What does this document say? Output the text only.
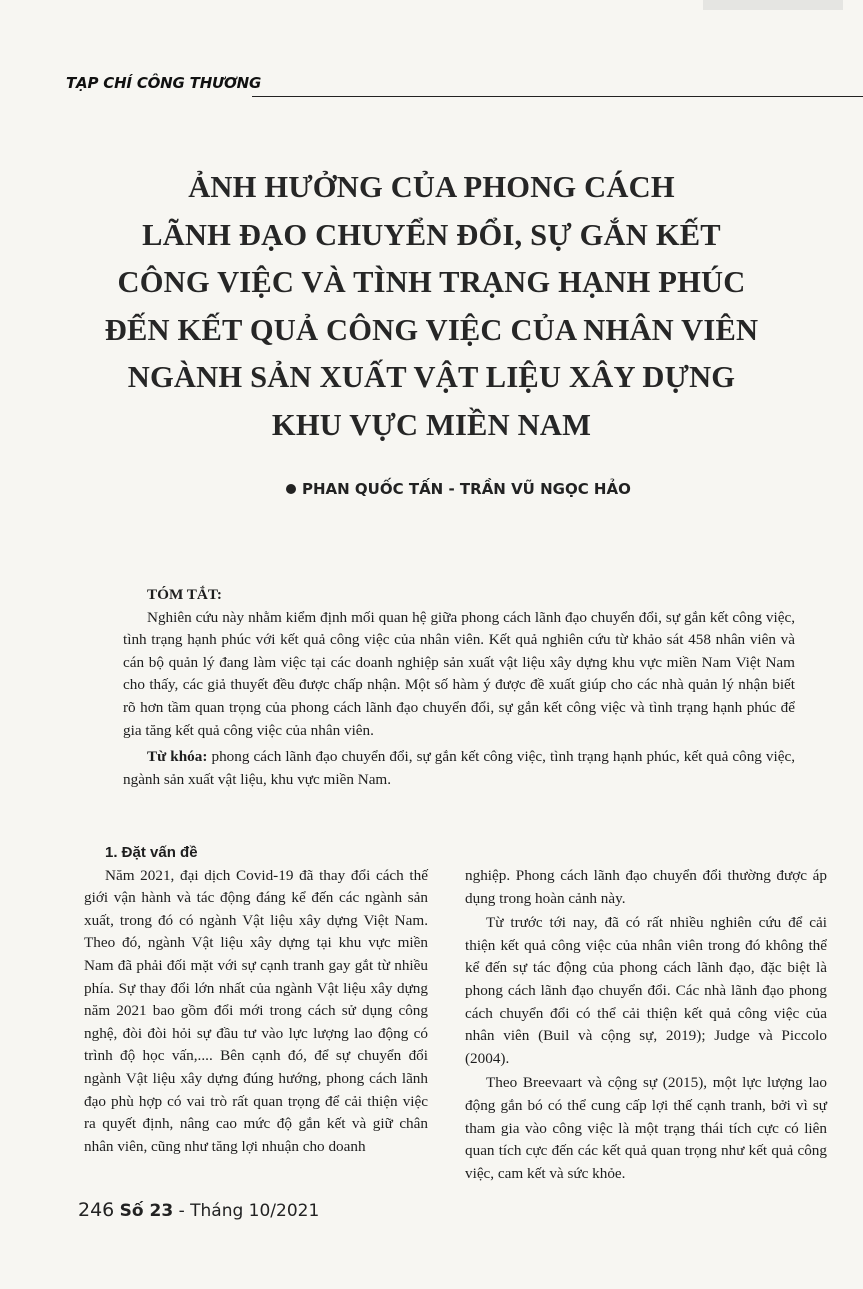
TẠP CHÍ CÔNG THƯƠNG
ẢNH HƯỞNG CỦA PHONG CÁCH
LÃNH ĐẠO CHUYỂN ĐỔI, SỰ GẮN KẾT
CÔNG VIỆC VÀ TÌNH TRẠNG HẠNH PHÚC
ĐẾN KẾT QUẢ CÔNG VIỆC CỦA NHÂN VIÊN
NGÀNH SẢN XUẤT VẬT LIỆU XÂY DỰNG
KHU VỰC MIỀN NAM
PHAN QUỐC TẤN - TRẦN VŨ NGỌC HẢO
TÓM TẮT:

Nghiên cứu này nhằm kiểm định mối quan hệ giữa phong cách lãnh đạo chuyển đổi, sự gắn kết công việc, tình trạng hạnh phúc với kết quả công việc của nhân viên. Kết quả nghiên cứu từ khảo sát 458 nhân viên và cán bộ quản lý đang làm việc tại các doanh nghiệp sản xuất vật liệu xây dựng khu vực miền Nam Việt Nam cho thấy, các giả thuyết đều được chấp nhận. Một số hàm ý được đề xuất giúp cho các nhà quản lý nhận biết rõ hơn tầm quan trọng của phong cách lãnh đạo chuyển đổi, sự gắn kết công việc và tình trạng hạnh phúc để gia tăng kết quả công việc của nhân viên.

Từ khóa: phong cách lãnh đạo chuyển đổi, sự gắn kết công việc, tình trạng hạnh phúc, kết quả công việc, ngành sản xuất vật liệu, khu vực miền Nam.

1. Đặt vấn đề

Năm 2021, đại dịch Covid-19 đã thay đổi cách thế giới vận hành và tác động đáng kể đến các ngành sản xuất, trong đó có ngành Vật liệu xây dựng Việt Nam. Theo đó, ngành Vật liệu xây dựng tại khu vực miền Nam đã phải đối mặt với sự cạnh tranh gay gắt từ nhiều phía. Sự thay đổi lớn nhất của ngành Vật liệu xây dựng năm 2021 bao gồm đổi mới trong cách sử dụng công nghệ, đòi đòi hỏi sự đầu tư vào lực lượng lao động có trình độ học vấn,.... Bên cạnh đó, để sự chuyển đổi ngành Vật liệu xây dựng đúng hướng, phong cách lãnh đạo phù hợp có vai trò rất quan trọng để cải thiện việc ra quyết định, nâng cao mức độ gắn kết và giữ chân nhân viên, cũng như tăng lợi nhuận cho doanh

nghiệp. Phong cách lãnh đạo chuyển đổi thường được áp dụng trong hoàn cảnh này.

Từ trước tới nay, đã có rất nhiều nghiên cứu để cải thiện kết quả công việc của nhân viên trong đó không thể kể đến sự tác động của phong cách lãnh đạo, đặc biệt là phong cách lãnh đạo chuyển đổi. Các nhà lãnh đạo phong cách chuyển đổi có thể cải thiện kết quả công việc của nhân viên (Buil và cộng sự, 2019); Judge và Piccolo (2004).

Theo Breevaart và cộng sự (2015), một lực lượng lao động gắn bó có thể cung cấp lợi thế cạnh tranh, bởi vì sự tham gia vào công việc là một trạng thái tích cực có liên quan tích cực đến các kết quả quan trọng như kết quả công việc, cam kết và sức khỏe.

246 Số 23 - Tháng 10/2021
